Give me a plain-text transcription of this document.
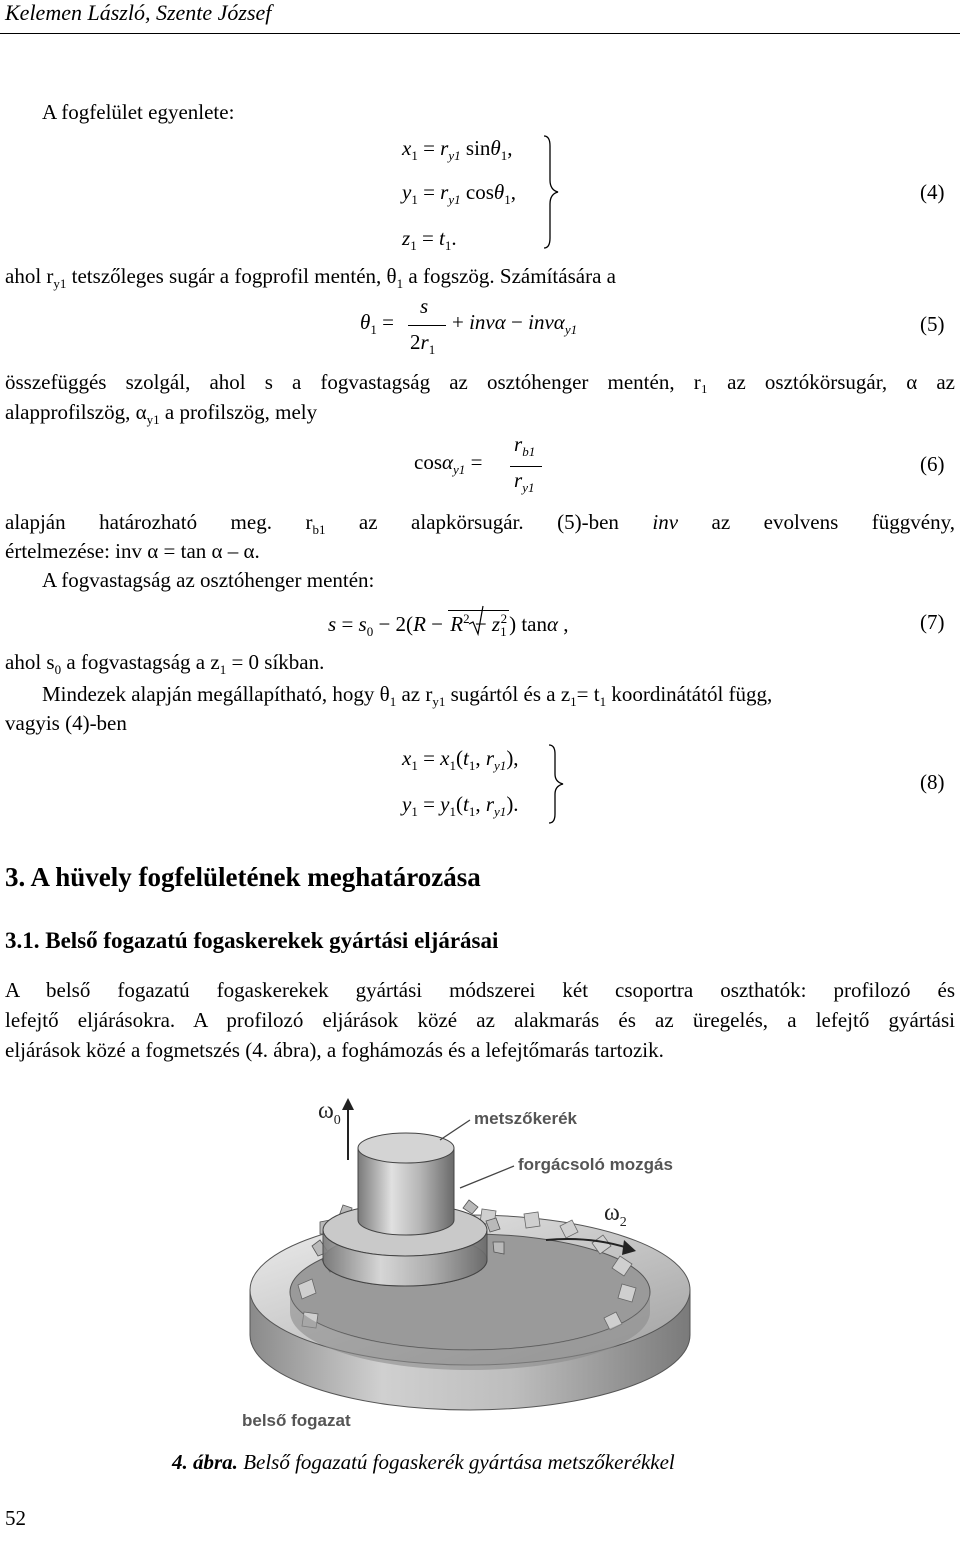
Kelemen László, Szente József
A fogfelület egyenlete:
$x_1 = r_{y1}$ sinθ$_1$,
$y_1 = r_{y1}$ cosθ$_1$,
$z_1 = t_1$.
(4)
ahol $r_{y1}$ tetszőleges sugár a fogprofil mentén, $\theta_1$ a fogszög. Számítására a
$\theta_1$ =
s
$2r_1$
+ invα − invα$_{y1}$	(5)
összefüggés szolgál, ahol s a fogvastagság az osztóhenger mentén, r₁ az osztókörsugár, α az
alapprofilszög, $\alpha_{y1}$ a profilszög, mely
cosα$_{y1}$ =
$r_{b1}$
$r_{y1}$
(6)
alapján határozható meg. $r_{b1}$ az alapkörsugár. (5)-ben inv az evolvens függvény,
értelmezése: inv α = tan α – α.
A fogvastagság az osztóhenger mentén:
$s = s_0 - 2(R - R^2 - z_1^2)$ tanα ,	(7)
ahol $s_0$ a fogvastagság a $z_1 = 0$ síkban.
Mindezek alapján megállapítható, hogy $\theta_1$ az $r_{y1}$ sugártól és a $z_1= t_1$ koordinátától függ,
vagyis (4)-ben
$x_1 = x_1(t_1$, $r_{y1}$),
$y_1 = y_1(t_1$, $r_{y1}$).
(8)
3. A hüvely fogfelületének meghatározása
3.1. Belső fogazatú fogaskerekek gyártási eljárásai
A belső fogazatú fogaskerekek gyártási módszerei két csoportra oszthatók: profilozó és
lefejtő eljárásokra. A profilozó eljárások közé az alakmarás és az üregelés, a lefejtő gyártási
eljárások közé a fogmetszés (4. ábra), a foghámozás és a lefejtőmarás tartozik.
$\omega_0$	metszőkerék
forgácsoló mozgás
$\omega_2$
belső fogazat
4. ábra. Belső fogazatú fogaskerék gyártása metszőkerékkel
52
